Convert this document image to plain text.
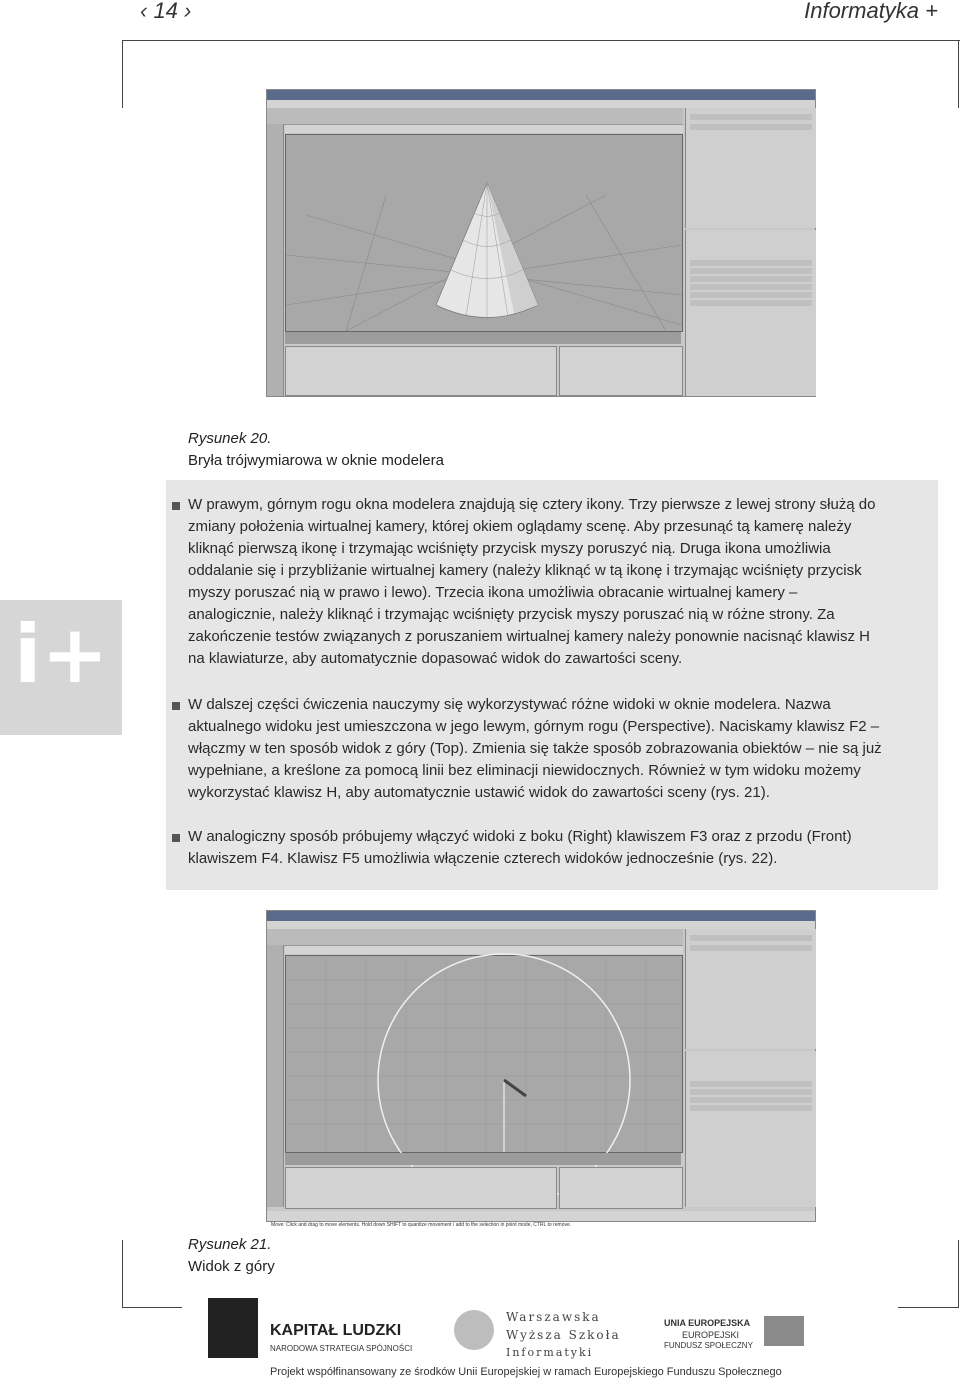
‹ 14 ›	Informatyka +
Rysunek 20.
Bryła trójwymiarowa w oknie modelera
i+
W prawym, górnym rogu okna modelera znajdują się cztery ikony. Trzy pierwsze z lewej strony służą do zmiany położenia wirtualnej kamery, której okiem oglądamy scenę. Aby przesunąć tą kamerę należy kliknąć pierwszą ikonę i trzymając wciśnięty przycisk myszy poruszyć nią. Druga ikona umożliwia oddalanie się i przybliżanie wirtualnej kamery (należy kliknąć w tą ikonę i trzymając wciśnięty przycisk myszy poruszać nią w prawo i lewo). Trzecia ikona umożliwia obracanie wirtualnej kamery – analogicznie, należy kliknąć i trzymając wciśnięty przycisk myszy poruszać nią w różne strony. Za zakończenie testów związanych z poruszaniem wirtualnej kamery należy ponownie nacisnąć klawisz H na klawiaturze, aby automatycznie dopasować widok do zawartości sceny.
W dalszej części ćwiczenia nauczymy się wykorzystywać różne widoki w oknie modelera. Nazwa aktualnego widoku jest umieszczona w jego lewym, górnym rogu (Perspective). Naciskamy klawisz F2 – włączmy w ten sposób widok z góry (Top). Zmienia się także sposób zobrazowania obiektów – nie są już wypełniane, a kreślone za pomocą linii bez eliminacji niewidocznych. Również w tym widoku możemy wykorzystać klawisz H, aby automatycznie ustawić widok do zawartości sceny (rys. 21).
W analogiczny sposób próbujemy włączyć widoki z boku (Right) klawiszem F3 oraz z przodu (Front) klawiszem F4. Klawisz F5 umożliwia włączenie czterech widoków jednocześnie (rys. 22).
Move: Click and drag to move elements. Hold down SHIFT to quantize movement / add to the selection in point mode, CTRL to remove.
Rysunek 21.
Widok z góry
KAPITAŁ LUDZKI
NARODOWA STRATEGIA SPÓJNOŚCI
Warszawska
Wyższa Szkoła
Informatyki
UNIA EUROPEJSKA
EUROPEJSKI
FUNDUSZ SPOŁECZNY
Projekt współfinansowany ze środków Unii Europejskiej w ramach Europejskiego Funduszu Społecznego
